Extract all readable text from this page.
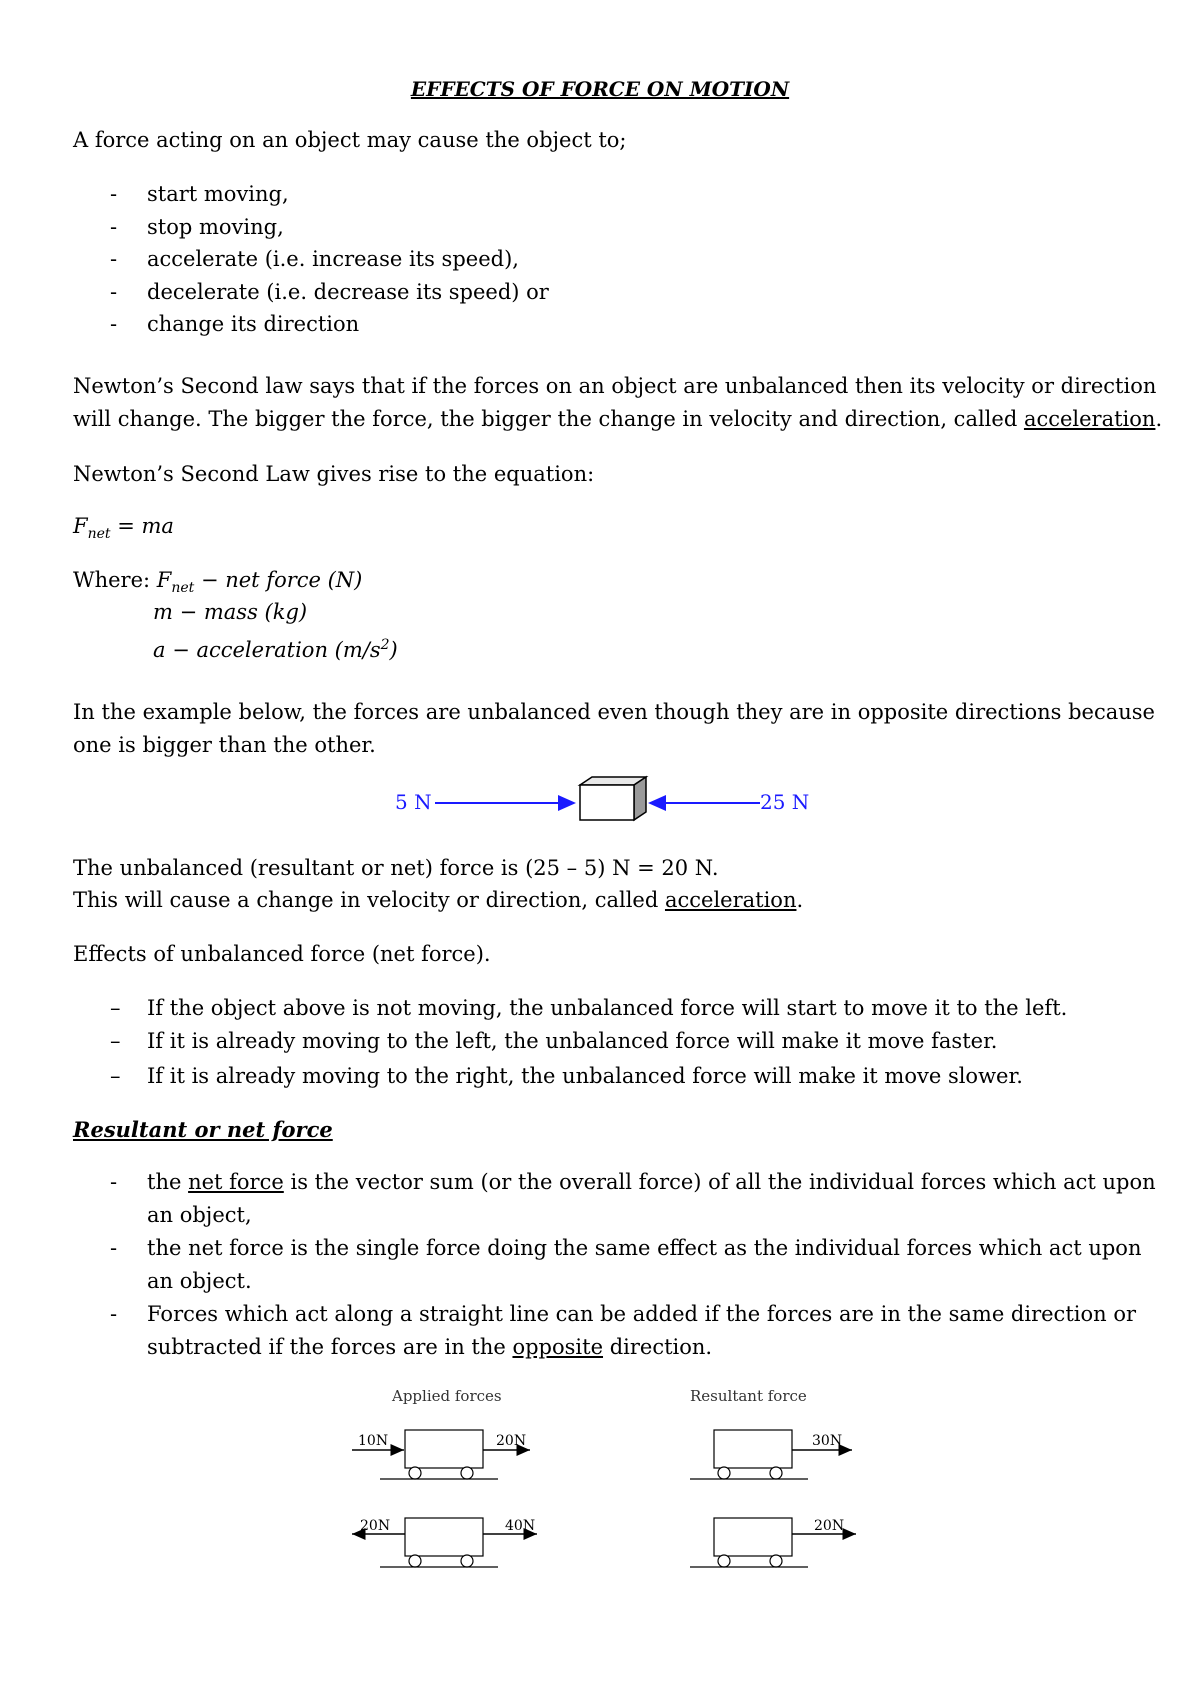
EFFECTS OF FORCE ON MOTION
A force acting on an object may cause the object to;
- start moving,
- stop moving,
- accelerate (i.e. increase its speed),
- decelerate (i.e. decrease its speed) or
- change its direction
Newton’s Second law says that if the forces on an object are unbalanced then its velocity or direction
will change. The bigger the force, the bigger the change in velocity and direction, called acceleration.
Newton’s Second Law gives rise to the equation:
$F_{net}$ = ma
Where: $F_{net}$ − net force (N)
m − mass (kg)
a − acceleration $(m/s^2)$
In the example below, the forces are unbalanced even though they are in opposite directions because
one is bigger than the other.
5 N	25 N
The unbalanced (resultant or net) force is (25 – 5) N = 20 N.
This will cause a change in velocity or direction, called acceleration.
Effects of unbalanced force (net force).
– If the object above is not moving, the unbalanced force will start to move it to the left.
– If it is already moving to the left, the unbalanced force will make it move faster.
– If it is already moving to the right, the unbalanced force will make it move slower.
Resultant or net force
- the net force is the vector sum (or the overall force) of all the individual forces which act upon
an object,
- the net force is the single force doing the same effect as the individual forces which act upon
an object.
- Forces which act along a straight line can be added if the forces are in the same direction or
subtracted if the forces are in the opposite direction.
Applied forces	Resultant force
10N	20N	30N
20N	40N	20N
